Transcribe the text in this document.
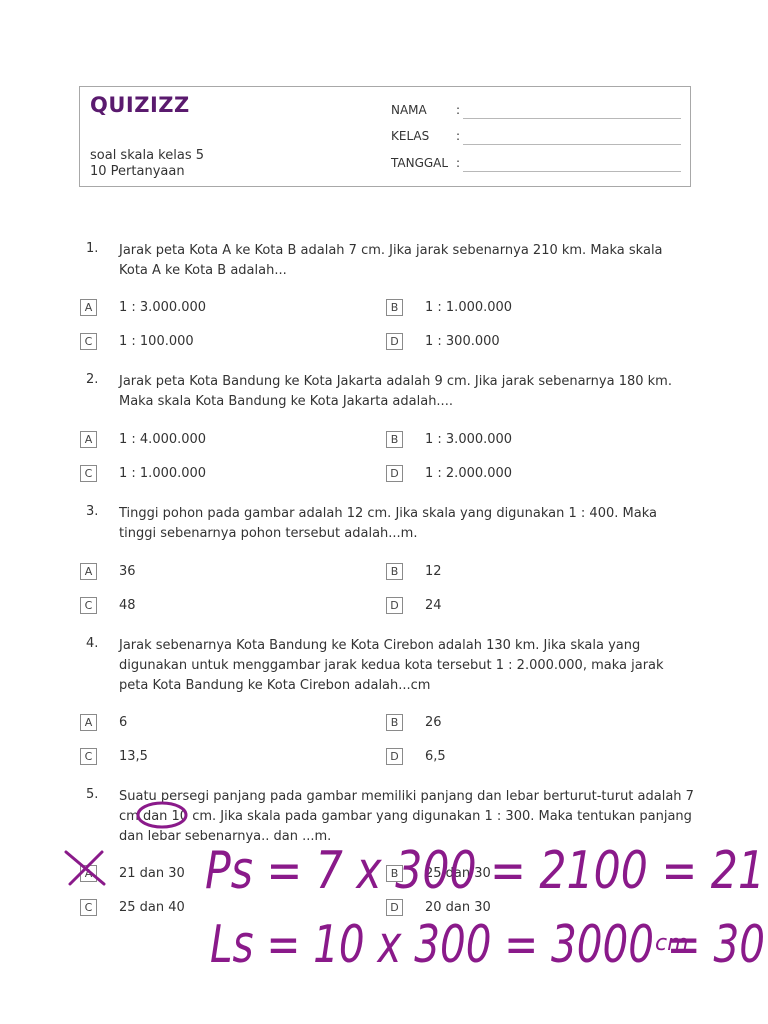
QUIZIZZ
soal skala kelas 5
10 Pertanyaan
NAMA :
KELAS :
TANGGAL :
1. Jarak peta Kota A ke Kota B adalah 7 cm. Jika jarak sebenarnya 210 km. Maka skala Kota A ke Kota B adalah...
A	1 : 3.000.000	B	1 : 1.000.000
C	1 : 100.000	D	1 : 300.000
2. Jarak peta Kota Bandung ke Kota Jakarta adalah 9 cm. Jika jarak sebenarnya 180 km. Maka skala Kota Bandung ke Kota Jakarta adalah....
A	1 : 4.000.000	B	1 : 3.000.000
C	1 : 1.000.000	D	1 : 2.000.000
3. Tinggi pohon pada gambar adalah 12 cm. Jika skala yang digunakan 1 : 400. Maka tinggi sebenarnya pohon tersebut adalah...m.
A	36	B	12
C	48	D	24
4. Jarak sebenarnya Kota Bandung ke Kota Cirebon adalah 130 km. Jika skala yang digunakan untuk menggambar jarak kedua kota tersebut 1 : 2.000.000, maka jarak peta Kota Bandung ke Kota Cirebon adalah...cm
A	6	B	26
C	13,5	D	6,5
5. Suatu persegi panjang pada gambar memiliki panjang dan lebar berturut-turut adalah 7 cm dan 10 cm. Jika skala pada gambar yang digunakan 1 : 300. Maka tentukan panjang dan lebar sebenarnya.. dan ...m.
A	21 dan 30	B	25 dan 30
C	25 dan 40	D	20 dan 30
Ps = 7 x 300 = 2100 = 21
Ls = 10 x 300 = 3000 = 30
cm
